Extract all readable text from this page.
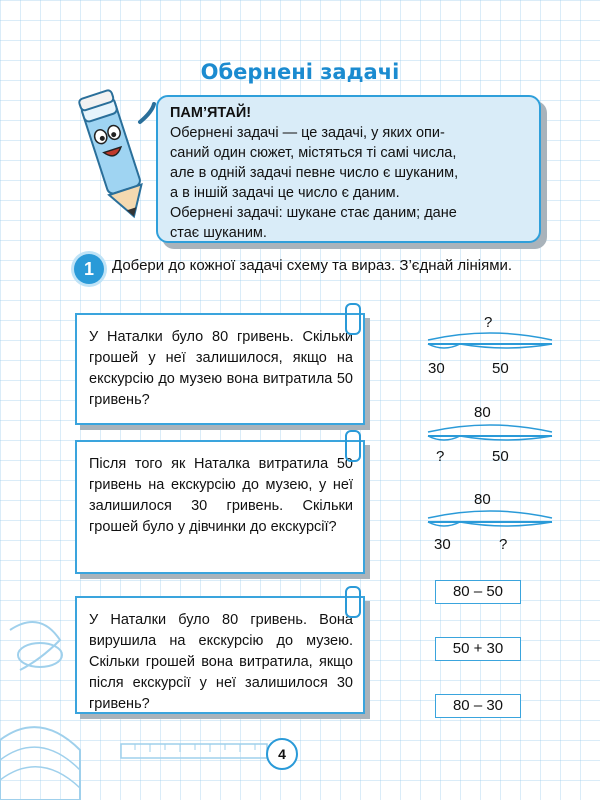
Обернені задачі

ПАМ’ЯТАЙ!

Обернені задачі — це задачі, у яких опи-

саний один сюжет, містяться ті самі числа,

але в одній задачі певне число є шуканим,

а в іншій задачі це число є даним.

Обернені задачі: шукане стає даним; дане

стає шуканим.

1	Добери до кожної задачі схему та вираз. З’єднай лініями.
У Наталки було 80 гривень. Скільки грошей у неї залишилося, якщо на екскурсію до музею вона витратила 50 гривень?
Після того як Наталка витратила 50 гривень на екскурсію до музею, у неї залишилося 30 гривень. Скільки грошей було у дівчинки до екскурсії?
У Наталки було 80 гривень. Вона вирушила на екскурсію до музею. Скільки грошей вона витратила, якщо після екскурсії у неї залишилося 30 гривень?
?
30	50
80
?	50
80
30	?
80 – 50
50 + 30
80 – 30
4
